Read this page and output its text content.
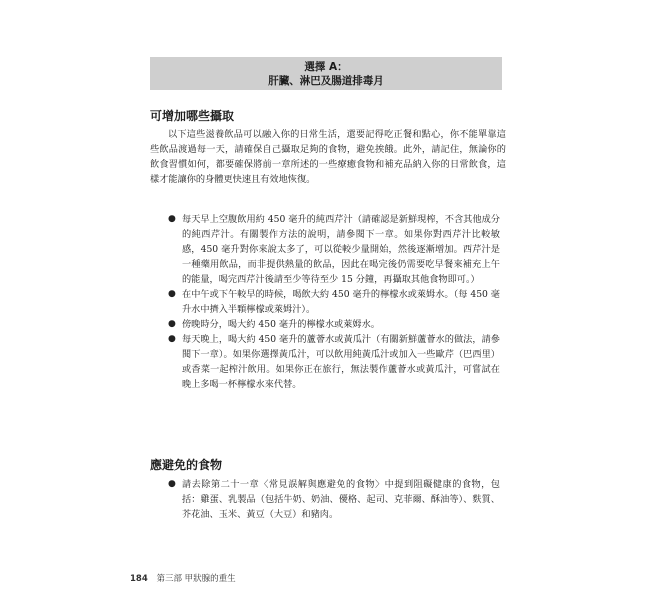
選擇 A：
肝臟、淋巴及腸道排毒月
可增加哪些攝取

以下這些滋養飲品可以融入你的日常生活，還要記得吃正餐和點心，你不能單靠這些飲品渡過每一天，請確保自己攝取足夠的食物，避免挨餓。此外，請記住，無論你的飲食習慣如何，都要確保將前一章所述的一些療癒食物和補充品納入你的日常飲食，這樣才能讓你的身體更快速且有效地恢復。

● 每天早上空腹飲用約 450 毫升的純西芹汁（請確認是新鮮現榨，不含其他成分的純西芹汁。有關製作方法的說明，請參閱下一章。如果你對西芹汁比較敏感，450 毫升對你來說太多了，可以從較少量開始，然後逐漸增加。西芹汁是一種藥用飲品，而非提供熱量的飲品，因此在喝完後仍需要吃早餐來補充上午的能量，喝完西芹汁後請至少等待至少 15 分鐘，再攝取其他食物即可。）
● 在中午或下午較早的時候，喝飲大約 450 毫升的檸檬水或萊姆水。（每 450 毫升水中擠入半顆檸檬或萊姆汁）。
● 傍晚時分，喝大約 450 毫升的檸檬水或萊姆水。
● 每天晚上，喝大約 450 毫升的蘆薈水或黃瓜汁（有關新鮮蘆薈水的做法，請參閱下一章）。如果你選擇黃瓜汁，可以飲用純黃瓜汁或加入一些歐芹（巴西里）或香菜一起榨汁飲用。如果你正在旅行，無法製作蘆薈水或黃瓜汁，可嘗試在晚上多喝一杯檸檬水來代替。
應避免的食物
● 請去除第二十一章〈常見誤解與應避免的食物〉中提到阻礙健康的食物，包括：雞蛋、乳製品（包括牛奶、奶油、優格、起司、克菲爾、酥油等）、麩質、芥花油、玉米、黃豆（大豆）和豬肉。
184 第三部 甲狀腺的重生
